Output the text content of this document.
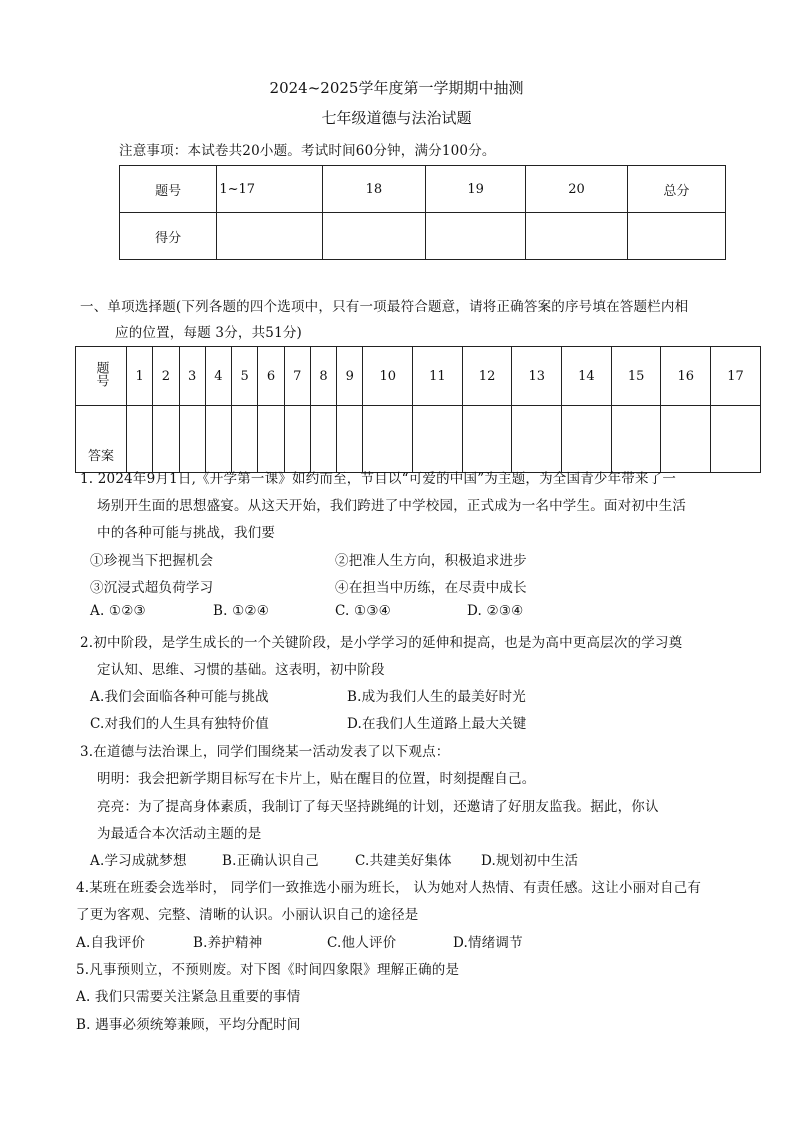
2024~2025学年度第一学期期中抽测
七年级道德与法治试题
注意事项：本试卷共20小题。考试时间60分钟，满分100分。
题号	1~17	18	19	20	总分
得分					
一、单项选择题(下列各题的四个选项中，只有一项最符合题意，请将正确答案的序号填在答题栏内相
应的位置，每题 3分，共51分)
题号	1	2	3	4	5	6	7	8	9	10	11	12	13	14	15	16	17
答案																	
1. 2024年9月1日,《开学第一课》如约而至，节目以“可爱的中国”为主题，为全国青少年带来了一
场别开生面的思想盛宴。从这天开始，我们跨进了中学校园，正式成为一名中学生。面对初中生活
中的各种可能与挑战，我们要
①珍视当下把握机会	②把准人生方向，积极追求进步
③沉浸式超负荷学习	④在担当中历练，在尽责中成长
A. ①②③	B. ①②④	C. ①③④	D. ②③④
2.初中阶段，是学生成长的一个关键阶段，是小学学习的延伸和提高，也是为高中更高层次的学习奠
定认知、思维、习惯的基础。这表明，初中阶段
A.我们会面临各种可能与挑战	B.成为我们人生的最美好时光
C.对我们的人生具有独特价值	D.在我们人生道路上最大关键
3.在道德与法治课上，同学们围绕某一活动发表了以下观点：
明明：我会把新学期目标写在卡片上，贴在醒目的位置，时刻提醒自己。
亮亮：为了提高身体素质，我制订了每天坚持跳绳的计划，还邀请了好朋友监我。据此，你认
为最适合本次活动主题的是
A.学习成就梦想	B.正确认识自己	C.共建美好集体 D.规划初中生活
4.某班在班委会选举时， 同学们一致推选小丽为班长， 认为她对人热情、有责任感。这让小丽对自己有
了更为客观、完整、清晰的认识。小丽认识自己的途径是
A.自我评价	B.养护精神	C.他人评价	D.情绪调节
5.凡事预则立，不预则废。对下图《时间四象限》理解正确的是
A. 我们只需要关注紧急且重要的事情
B. 遇事必须统筹兼顾，平均分配时间
